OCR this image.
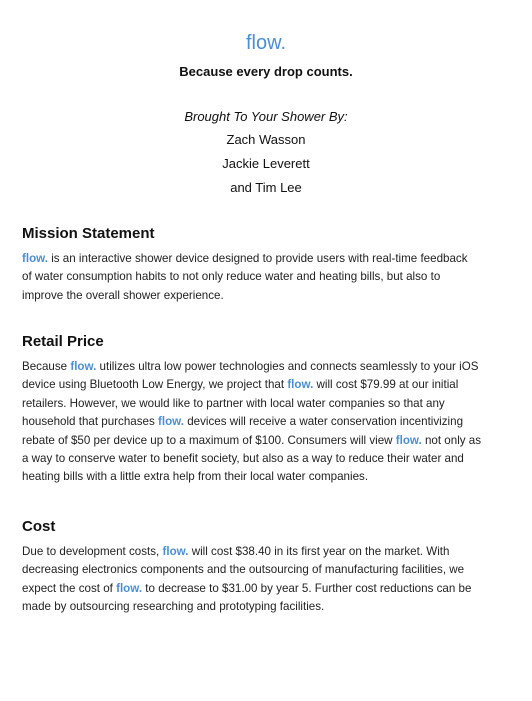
flow.
Because every drop counts.
Brought To Your Shower By:
Zach Wasson
Jackie Leverett
and Tim Lee
Mission Statement
flow. is an interactive shower device designed to provide users with real-time feedback
of water consumption habits to not only reduce water and heating bills, but also to
improve the overall shower experience.
Retail Price
Because flow. utilizes ultra low power technologies and connects seamlessly to your iOS
device using Bluetooth Low Energy, we project that flow. will cost $79.99 at our initial
retailers. However, we would like to partner with local water companies so that any
household that purchases flow. devices will receive a water conservation incentivizing
rebate of $50 per device up to a maximum of $100. Consumers will view flow. not only as
a way to conserve water to benefit society, but also as a way to reduce their water and
heating bills with a little extra help from their local water companies.
Cost
Due to development costs, flow. will cost $38.40 in its first year on the market. With
decreasing electronics components and the outsourcing of manufacturing facilities, we
expect the cost of flow. to decrease to $31.00 by year 5. Further cost reductions can be
made by outsourcing researching and prototyping facilities.
